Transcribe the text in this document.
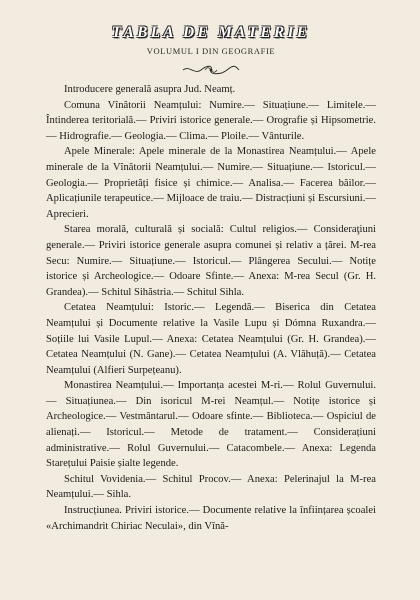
TABLA DE MATERIE
VOLUMUL I DIN GEOGRAFIE

Introducere generală asupra Jud. Neamț.

Comuna Vînătorii Neamțului: Numire.— Situațiune.— Limitele.— Întinderea teritorială.— Priviri istorice generale.— Orografie și Hipsometrie.— Hidrografie.— Geologia.— Clima.— Ploile.— Vânturile.

Apele Minerale: Apele minerale de la Monastirea Neamțului.— Apele minerale de la Vînătorii Neamțului.— Numire.— Situațiune.— Istoricul.— Geologia.— Proprietăți fisice și chimice.— Analisa.— Facerea băilor.— Aplicațiunile terapeutice.— Mijloace de traiu.— Distracțiuni și Escursiuni.— Aprecieri.

Starea morală, culturală și socială: Cultul religios.— Consideraţiuni generale.— Priviri istorice generale asupra comunei și relativ a țărei. M-rea Secu: Numire.— Situațiune.— Istoricul.— Plângerea Secului.— Notițe istorice și Archeologice.— Odoare Sfinte.— Anexa: M-rea Secul (Gr. H. Grandea).— Schitul Sihăstria.— Schitul Sihla.

Cetatea Neamțului: Istoric.— Legendă.— Biserica din Cetatea Neamțului și Documente relative la Vasile Lupu și Dómna Ruxandra.— Soțiile lui Vasile Lupul.— Anexa: Cetatea Neamțului (Gr. H. Grandea).— Cetatea Neamțului (N. Gane).— Cetatea Neamțului (A. Vlăhuță).— Cetatea Neamțului (Alfieri Surpețeanu).

Monastirea Neamțului.— Importanța acestei M-ri.— Rolul Guvernului.— Situațiunea.— Din isoricul M-rei Neamțul.— Notițe istorice și Archeologice.— Vestmântarul.— Odoare sfinte.— Biblioteca.— Ospiciul de alienați.— Istoricul.— Metode de tratament.— Considerațiuni administrative.— Rolul Guvernului.— Catacombele.— Anexa: Legenda Starețului Paisie șialte legende.

Schitul Vovidenia.— Schitul Procov.— Anexa: Pelerinajul la M-rea Neamțului.— Sihla.

Instrucțiunea. Priviri istorice.— Documente relative la înființarea școalei «Archimandrit Chiriac Neculai», din Vînă-
